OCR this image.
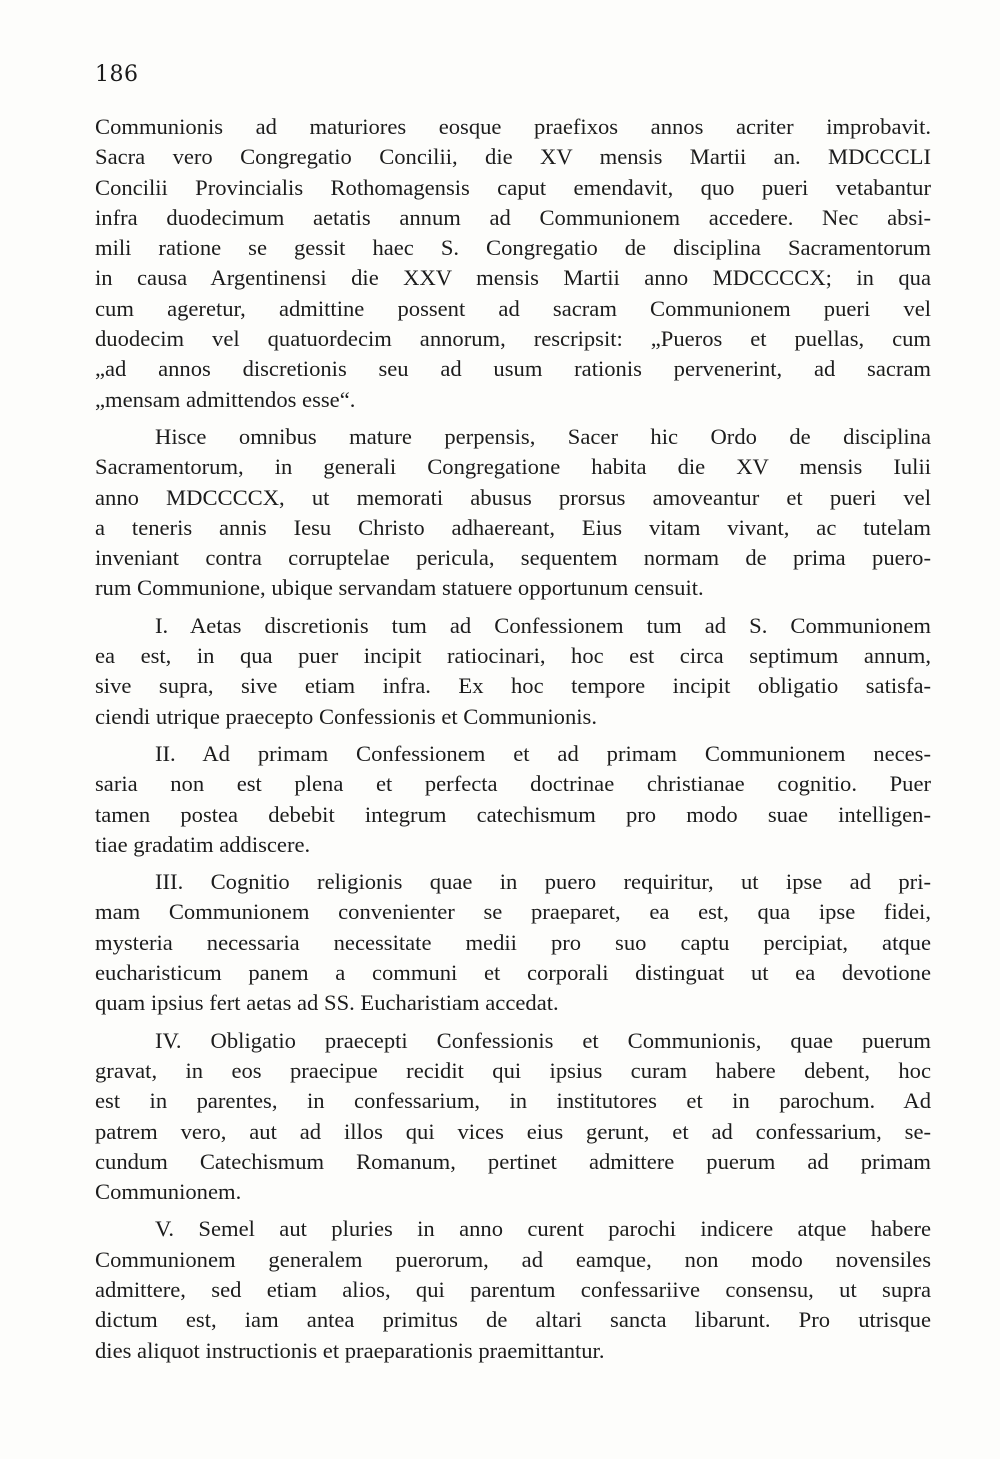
186
Communionis ad maturiores eosque praefixos annos acriter improbavit.
Sacra vero Congregatio Concilii, die XV mensis Martii an. MDCCCLI
Concilii Provincialis Rothomagensis caput emendavit, quo pueri vetabantur
infra duodecimum aetatis annum ad Communionem accedere. Nec absi-
mili ratione se gessit haec S. Congregatio de disciplina Sacramentorum
in causa Argentinensi die XXV mensis Martii anno MDCCCCX; in qua
cum ageretur, admittine possent ad sacram Communionem pueri vel
duodecim vel quatuordecim annorum, rescripsit: „Pueros et puellas, cum
„ad annos discretionis seu ad usum rationis pervenerint, ad sacram
„mensam admittendos esse“.
Hisce omnibus mature perpensis, Sacer hic Ordo de disciplina
Sacramentorum, in generali Congregatione habita die XV mensis Iulii
anno MDCCCCX, ut memorati abusus prorsus amoveantur et pueri vel
a teneris annis Iesu Christo adhaereant, Eius vitam vivant, ac tutelam
inveniant contra corruptelae pericula, sequentem normam de prima puero-
rum Communione, ubique servandam statuere opportunum censuit.
I. Aetas discretionis tum ad Confessionem tum ad S. Communionem
ea est, in qua puer incipit ratiocinari, hoc est circa septimum annum,
sive supra, sive etiam infra. Ex hoc tempore incipit obligatio satisfa-
ciendi utrique praecepto Confessionis et Communionis.
II. Ad primam Confessionem et ad primam Communionem neces-
saria non est plena et perfecta doctrinae christianae cognitio. Puer
tamen postea debebit integrum catechismum pro modo suae intelligen-
tiae gradatim addiscere.
III. Cognitio religionis quae in puero requiritur, ut ipse ad pri-
mam Communionem convenienter se praeparet, ea est, qua ipse fidei,
mysteria necessaria necessitate medii pro suo captu percipiat, atque
eucharisticum panem a communi et corporali distinguat ut ea devotione
quam ipsius fert aetas ad SS. Eucharistiam accedat.
IV. Obligatio praecepti Confessionis et Communionis, quae puerum
gravat, in eos praecipue recidit qui ipsius curam habere debent, hoc
est in parentes, in confessarium, in institutores et in parochum. Ad
patrem vero, aut ad illos qui vices eius gerunt, et ad confessarium, se-
cundum Catechismum Romanum, pertinet admittere puerum ad primam
Communionem.
V. Semel aut pluries in anno curent parochi indicere atque habere
Communionem generalem puerorum, ad eamque, non modo novensiles
admittere, sed etiam alios, qui parentum confessariive consensu, ut supra
dictum est, iam antea primitus de altari sancta libarunt. Pro utrisque
dies aliquot instructionis et praeparationis praemittantur.
